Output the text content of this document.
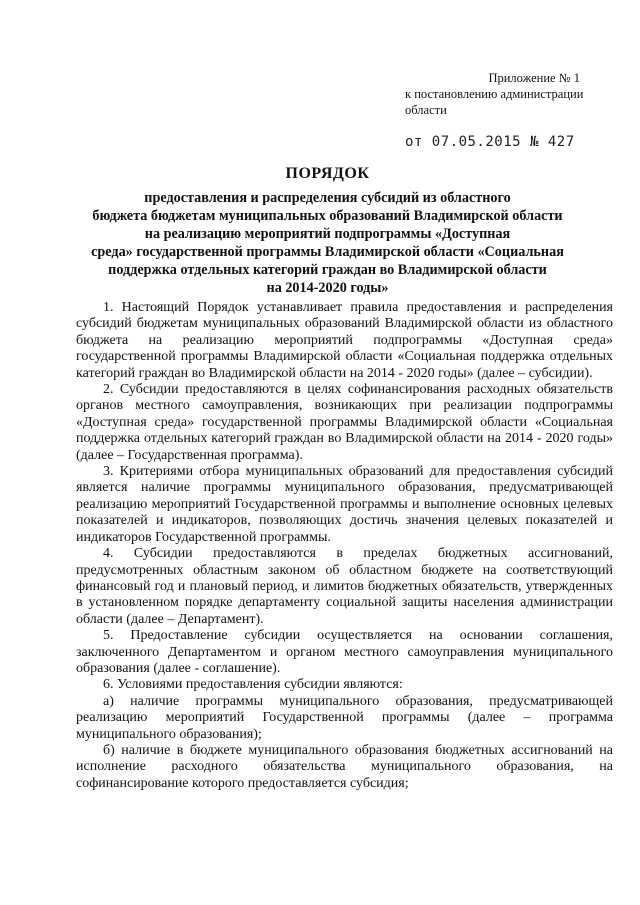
Приложение № 1
к постановлению администрации
области
от 07.05.2015 № 427
ПОРЯДОК
предоставления и распределения субсидий из областного
бюджета бюджетам муниципальных образований Владимирской области
на реализацию мероприятий подпрограммы «Доступная
среда» государственной программы Владимирской области «Социальная
поддержка отдельных категорий граждан во Владимирской области
на 2014-2020 годы»

1. Настоящий Порядок устанавливает правила предоставления и распределения субсидий бюджетам муниципальных образований Владимирской области из областного бюджета на реализацию мероприятий подпрограммы «Доступная среда» государственной программы Владимирской области «Социальная поддержка отдельных категорий граждан во Владимирской области на 2014 - 2020 годы» (далее – субсидии).

2. Субсидии предоставляются в целях софинансирования расходных обязательств органов местного самоуправления, возникающих при реализации подпрограммы «Доступная среда» государственной программы Владимирской области «Социальная поддержка отдельных категорий граждан во Владимирской области на 2014 - 2020 годы» (далее – Государственная программа).

3. Критериями отбора муниципальных образований для предоставления субсидий является наличие программы муниципального образования, предусматривающей реализацию мероприятий Государственной программы и выполнение основных целевых показателей и индикаторов, позволяющих достичь значения целевых показателей и индикаторов Государственной программы.

4. Субсидии предоставляются в пределах бюджетных ассигнований, предусмотренных областным законом об областном бюджете на соответствующий финансовый год и плановый период, и лимитов бюджетных обязательств, утвержденных в установленном порядке департаменту социальной защиты населения администрации области (далее – Департамент).

5. Предоставление субсидии осуществляется на основании соглашения, заключенного Департаментом и органом местного самоуправления муниципального образования (далее - соглашение).

6. Условиями предоставления субсидии являются:

а) наличие программы муниципального образования, предусматривающей реализацию мероприятий Государственной программы (далее – программа муниципального образования);

б) наличие в бюджете муниципального образования бюджетных ассигнований на исполнение расходного обязательства муниципального образования, на софинансирование которого предоставляется субсидия;
